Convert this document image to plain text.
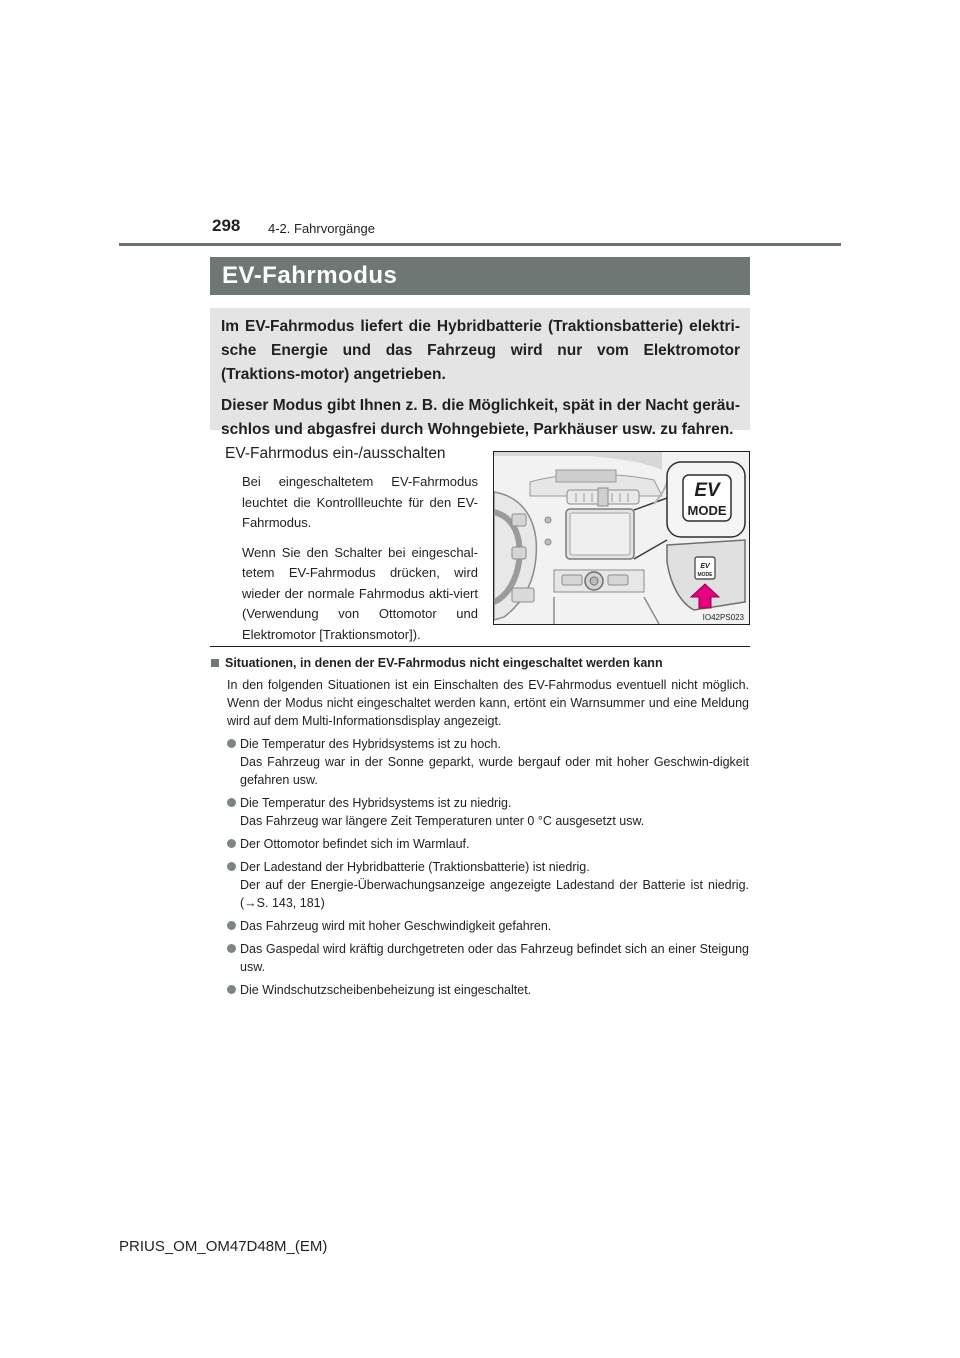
298 4-2. Fahrvorgänge
EV-Fahrmodus

Im EV-Fahrmodus liefert die Hybridbatterie (Traktionsbatterie) elektri-sche Energie und das Fahrzeug wird nur vom Elektromotor (Traktions-motor) angetrieben.

Dieser Modus gibt Ihnen z. B. die Möglichkeit, spät in der Nacht geräu-schlos und abgasfrei durch Wohngebiete, Parkhäuser usw. zu fahren.

EV-Fahrmodus ein-/ausschalten

Bei eingeschaltetem EV-Fahrmodus leuchtet die Kontrollleuchte für den EV-Fahrmodus.

Wenn Sie den Schalter bei eingeschal-tetem EV-Fahrmodus drücken, wird wieder der normale Fahrmodus akti-viert (Verwendung von Ottomotor und Elektromotor [Traktionsmotor]).

EV
MODE
EV
MODE
IO42PS023
Situationen, in denen der EV-Fahrmodus nicht eingeschaltet werden kann

In den folgenden Situationen ist ein Einschalten des EV-Fahrmodus eventuell nicht möglich. Wenn der Modus nicht eingeschaltet werden kann, ertönt ein Warnsummer und eine Meldung wird auf dem Multi-Informationsdisplay angezeigt.

Die Temperatur des Hybridsystems ist zu hoch.
Das Fahrzeug war in der Sonne geparkt, wurde bergauf oder mit hoher Geschwin-digkeit gefahren usw.
Die Temperatur des Hybridsystems ist zu niedrig.
Das Fahrzeug war längere Zeit Temperaturen unter 0 °C ausgesetzt usw.
Der Ottomotor befindet sich im Warmlauf.
Der Ladestand der Hybridbatterie (Traktionsbatterie) ist niedrig.
Der auf der Energie-Überwachungsanzeige angezeigte Ladestand der Batterie ist niedrig. (→S. 143, 181)
Das Fahrzeug wird mit hoher Geschwindigkeit gefahren.
Das Gaspedal wird kräftig durchgetreten oder das Fahrzeug befindet sich an einer Steigung usw.
Die Windschutzscheibenbeheizung ist eingeschaltet.
PRIUS_OM_OM47D48M_(EM)
